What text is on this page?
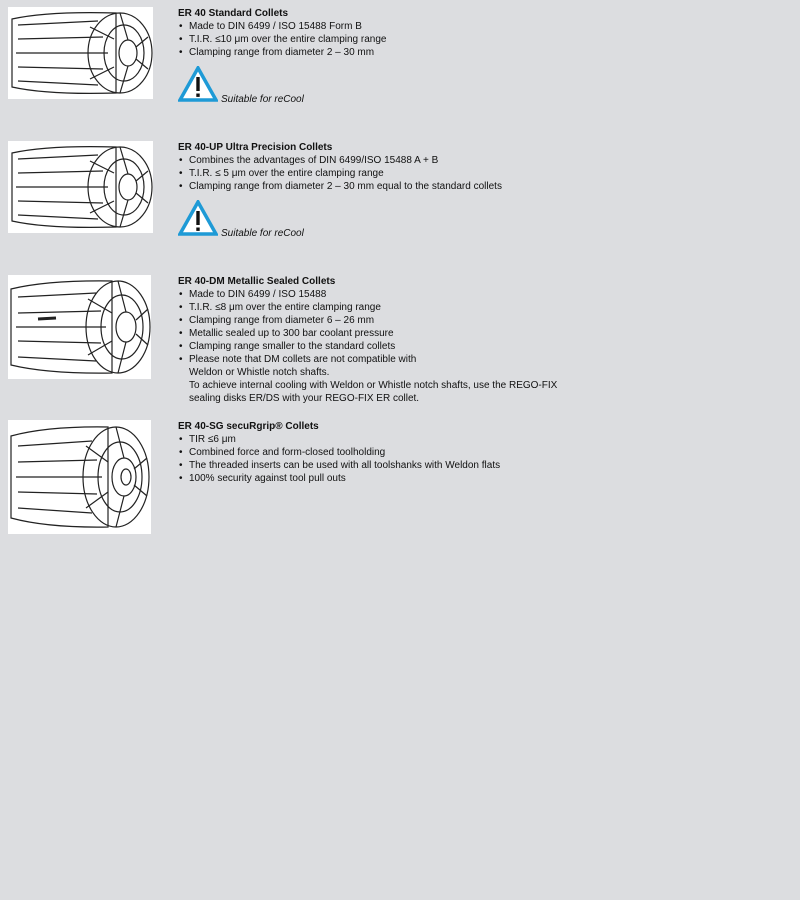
ER 40 Standard Collets
• Made to DIN 6499 / ISO 15488 Form B
• T.I.R. ≤10 μm over the entire clamping range
• Clamping range from diameter 2 – 30 mm
Suitable for reCool
ER 40-UP Ultra Precision Collets
• Combines the advantages of DIN 6499/ISO 15488 A + B
• T.I.R. ≤ 5 μm over the entire clamping range
• Clamping range from diameter 2 – 30 mm equal to the standard collets
Suitable for reCool
ER 40-DM Metallic Sealed Collets
• Made to DIN 6499 / ISO 15488
• T.I.R. ≤8 μm over the entire clamping range
• Clamping range from diameter 6 – 26 mm
• Metallic sealed up to 300 bar coolant pressure
• Clamping range smaller to the standard collets
• Please note that DM collets are not compatible with
Weldon or Whistle notch shafts.
To achieve internal cooling with Weldon or Whistle notch shafts, use the REGO-FIX
sealing disks ER/DS with your REGO-FIX ER collet.
ER 40-SG secuRgrip® Collets
• TIR ≤6 μm
• Combined force and form-closed toolholding
• The threaded inserts can be used with all toolshanks with Weldon flats
• 100% security against tool pull outs
